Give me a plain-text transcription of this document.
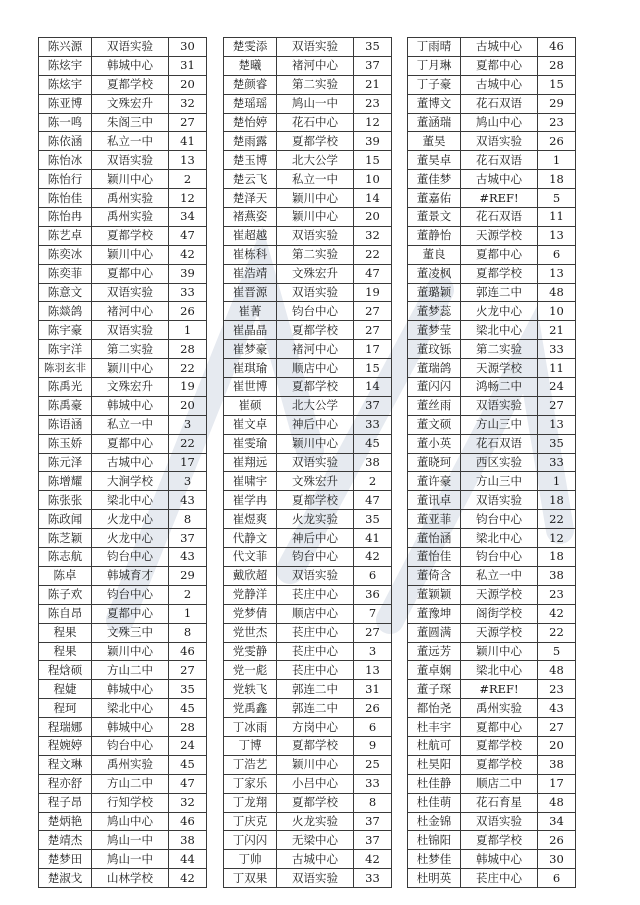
陈兴源	双语实验	30
陈炫宇	韩城中心	31
陈炫宇	夏都学校	20
陈亚博	文殊宏升	32
陈一鸣	朱阁三中	27
陈依涵	私立一中	41
陈怡冰	双语实验	13
陈怡行	颖川中心	2
陈怡佳	禹州实验	12
陈怡冉	禹州实验	34
陈艺卓	夏都学校	47
陈奕冰	颖川中心	42
陈奕菲	夏都中心	39
陈意文	双语实验	33
陈燚鸽	褚河中心	26
陈宇豪	双语实验	1
陈宇洋	第二实验	28
陈羽玄非	颖川中心	22
陈禹光	文殊宏升	19
陈禹豪	韩城中心	20
陈语涵	私立一中	3
陈玉娇	夏都中心	22
陈元泽	古城中心	17
陈增耀	大涧学校	3
陈张张	梁北中心	43
陈政闻	火龙中心	8
陈芝颖	火龙中心	37
陈志航	钧台中心	43
陈卓	韩城育才	29
陈子欢	钧台中心	2
陈自昂	夏都中心	1
程果	文殊三中	8
程果	颖川中心	46
程焓硕	方山二中	27
程婕	韩城中心	35
程珂	梁北中心	45
程瑞娜	韩城中心	28
程婉婷	钧台中心	24
程文琳	禹州实验	45
程亦舒	方山二中	47
程子昂	行知学校	32
楚炳艳	鸠山中心	46
楚靖杰	鸠山一中	38
楚梦田	鸠山一中	44
楚淑戈	山林学校	42
楚雯添	双语实验	35
楚曦	褚河中心	37
楚颜睿	第二实验	21
楚瑶瑶	鸠山一中	23
楚怡婷	花石中心	12
楚雨露	夏都学校	39
楚玉博	北大公学	15
楚云飞	私立一中	10
楚泽天	颖川中心	14
褚燕姿	颖川中心	20
崔超越	双语实验	32
崔栋科	第二实验	22
崔浩靖	文殊宏升	47
崔晋源	双语实验	19
崔菁	钧台中心	27
崔晶晶	夏都学校	27
崔梦豪	褚河中心	17
崔琪瑜	顺店中心	15
崔世博	夏都学校	14
崔硕	北大公学	37
崔文卓	神后中心	33
崔雯瑜	颖川中心	45
崔翔远	双语实验	38
崔啸宇	文殊宏升	2
崔学冉	夏都学校	47
崔煜爽	火龙实验	35
代静文	神后中心	41
代文菲	钧台中心	42
戴欣超	双语实验	6
党静洋	苌庄中心	36
党梦倩	顺店中心	7
党世杰	苌庄中心	27
党雯静	苌庄中心	3
党一彪	苌庄中心	13
党轶飞	郭连二中	31
党禹鑫	郭连二中	26
丁冰雨	方岗中心	6
丁博	夏都学校	9
丁浩艺	颖川中心	25
丁家乐	小吕中心	33
丁龙翔	夏都学校	8
丁庆克	火龙实验	37
丁闪闪	无梁中心	37
丁帅	古城中心	42
丁双果	双语实验	33
丁雨晴	古城中心	46
丁月琳	夏都中心	28
丁子豪	古城中心	15
董博文	花石双语	29
董涵瑞	鸠山中心	23
董昊	双语实验	26
董昊卓	花石双语	1
董佳梦	古城中心	18
董嘉佑	#REF!	5
董景文	花石双语	11
董静怡	天源学校	13
董良	夏都中心	6
董凌枫	夏都学校	13
董璐颖	郭连二中	48
董梦蕊	火龙中心	10
董梦莹	梁北中心	21
董玟铄	第二实验	33
董瑞鸽	天源学校	11
董闪闪	鸿畅二中	24
董丝雨	双语实验	27
董文硕	方山三中	13
董小英	花石双语	35
董晓珂	西区实验	33
董许豪	方山三中	1
董讯卓	双语实验	18
董亚菲	钧台中心	22
董怡涵	梁北中心	12
董怡佳	钧台中心	18
董倚含	私立一中	38
董颖颖	天源学校	23
董豫坤	阁街学校	42
董圆满	天源学校	22
董远芳	颖川中心	5
董卓娴	梁北中心	48
董子琛	#REF!	23
都怡尧	禹州实验	43
杜丰宇	夏都中心	27
杜航可	夏都学校	20
杜昊阳	夏都学校	38
杜佳静	顺店二中	17
杜佳萌	花石育星	48
杜金锦	双语实验	34
杜锦阳	夏都学校	26
杜梦佳	韩城中心	30
杜明英	苌庄中心	6
